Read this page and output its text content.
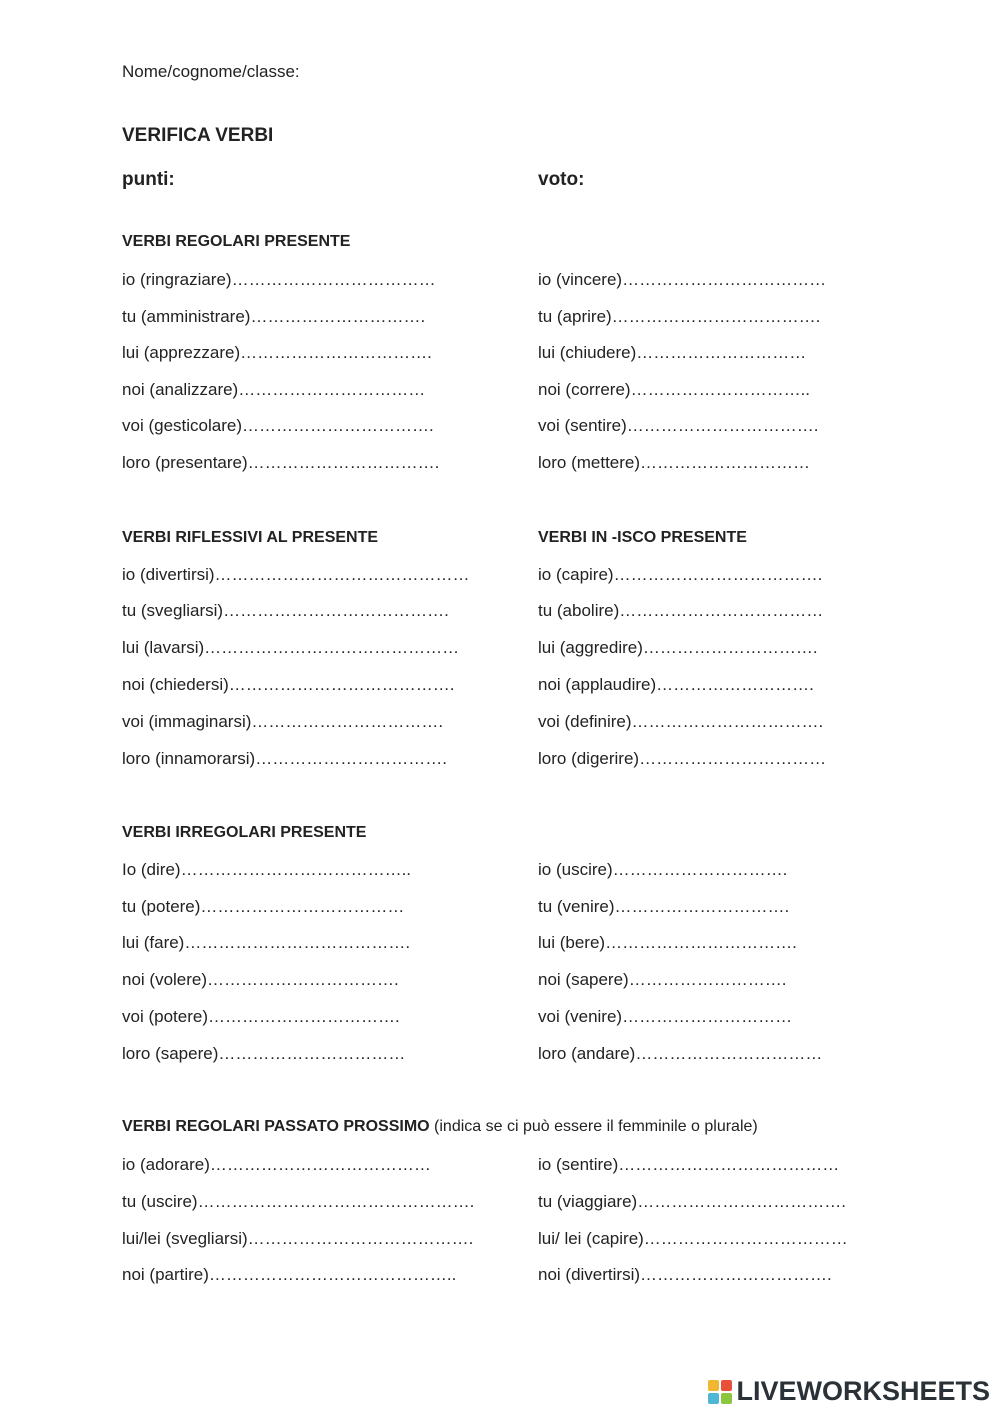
Nome/cognome/classe:
VERIFICA VERBI
punti:	voto:
VERBI REGOLARI PRESENTE
io (ringraziare)………………………………
tu (amministrare)………………………….
lui (apprezzare)…………………………….
noi (analizzare)……………………………
voi (gesticolare)…………………………….
loro (presentare)…………………………….
io (vincere)………………………………
tu (aprire)……………………………….
lui (chiudere)…………………………
noi (correre)…………………………..
voi (sentire)…………………………….
loro (mettere)…………………………
VERBI RIFLESSIVI AL PRESENTE	VERBI IN -ISCO PRESENTE
io (divertirsi)………………………………………
tu (svegliarsi)………………………………….
lui (lavarsi)………………………………………
noi (chiedersi)………………………………….
voi (immaginarsi)…………………………….
loro (innamorarsi)…………………………….
io (capire)……………………………….
tu (abolire)………………………………
lui (aggredire)………………………….
noi (applaudire)……………………….
voi (definire)…………………………….
loro (digerire)……………………………
VERBI IRREGOLARI PRESENTE
Io (dire)…………………………………..
tu (potere)………………………………
lui (fare)………………………………….
noi (volere)…………………………….
voi (potere)…………………………….
loro (sapere)……………………………
io (uscire)………………………….
tu (venire)………………………….
lui (bere)…………………………….
noi (sapere)……………………….
voi (venire)…………………………
loro (andare)……………………………
VERBI REGOLARI PASSATO PROSSIMO (indica se ci può essere il femminile o plurale)
io (adorare)…………………………………
tu (uscire)………………………………………….
lui/lei (svegliarsi)………………………………….
noi (partire)……………………………………..
io (sentire)…………………………………
tu (viaggiare)……………………………….
lui/ lei (capire)………………………………
noi (divertirsi)…………………………….
LIVEWORKSHEETS
